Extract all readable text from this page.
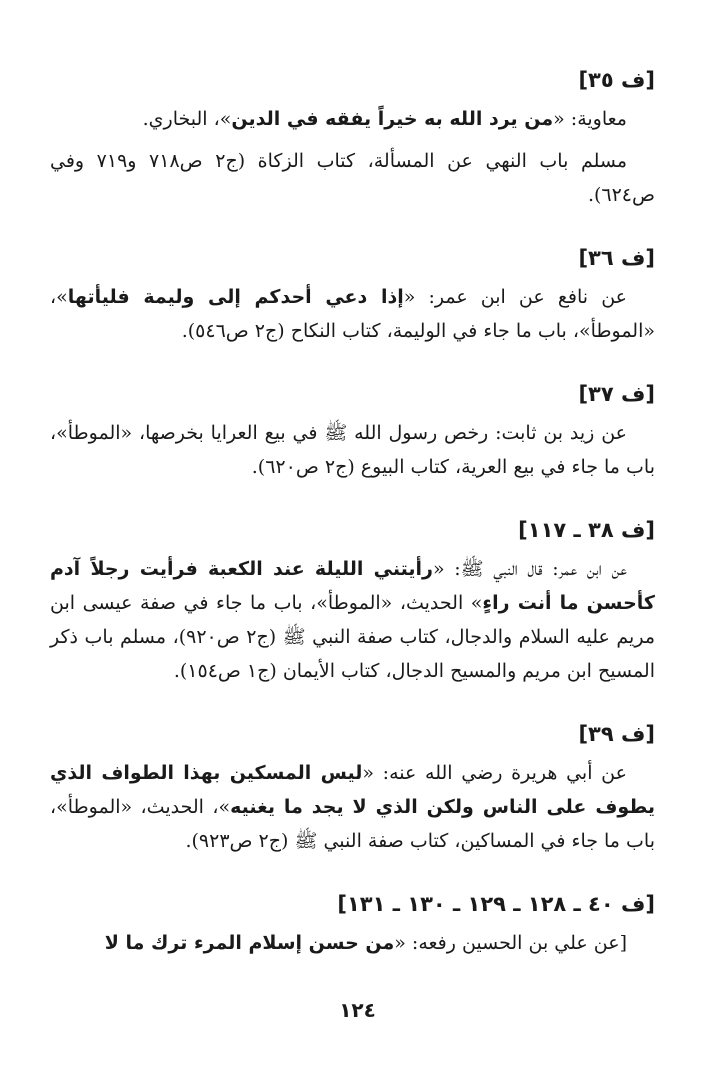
[ف ٣٥]

معاوية: «من يرد الله به خيراً يفقه في الدين»، البخاري.

مسلم باب النهي عن المسألة، كتاب الزكاة (ج٢ ص٧١٨ و٧١٩ وفي ص٦٢٤).

[ف ٣٦]

عن نافع عن ابن عمر: «إذا دعي أحدكم إلى وليمة فليأتها»، «الموطأ»، باب ما جاء في الوليمة، كتاب النكاح (ج٢ ص٥٤٦).

[ف ٣٧]

عن زيد بن ثابت: رخص رسول الله ﷺ في بيع العرايا بخرصها، «الموطأ»، باب ما جاء في بيع العرية، كتاب البيوع (ج٢ ص٦٢٠).

[ف ٣٨ ـ ١١٧]

عن ابن عمر: قال النبي ﷺ: «رأيتني الليلة عند الكعبة فرأيت رجلاً آدم كأحسن ما أنت راءٍ» الحديث، «الموطأ»، باب ما جاء في صفة عيسى ابن مريم عليه السلام والدجال، كتاب صفة النبي ﷺ (ج٢ ص٩٢٠)، مسلم باب ذكر المسيح ابن مريم والمسيح الدجال، كتاب الأيمان (ج١ ص١٥٤).

[ف ٣٩]

عن أبي هريرة رضي الله عنه: «ليس المسكين بهذا الطواف الذي يطوف على الناس ولكن الذي لا يجد ما يغنيه»، الحديث، «الموطأ»، باب ما جاء في المساكين، كتاب صفة النبي ﷺ (ج٢ ص٩٢٣).

[ف ٤٠ ـ ١٢٨ ـ ١٢٩ ـ ١٣٠ ـ ١٣١]

[عن علي بن الحسين رفعه: «من حسن إسلام المرء ترك ما لا

١٢٤
